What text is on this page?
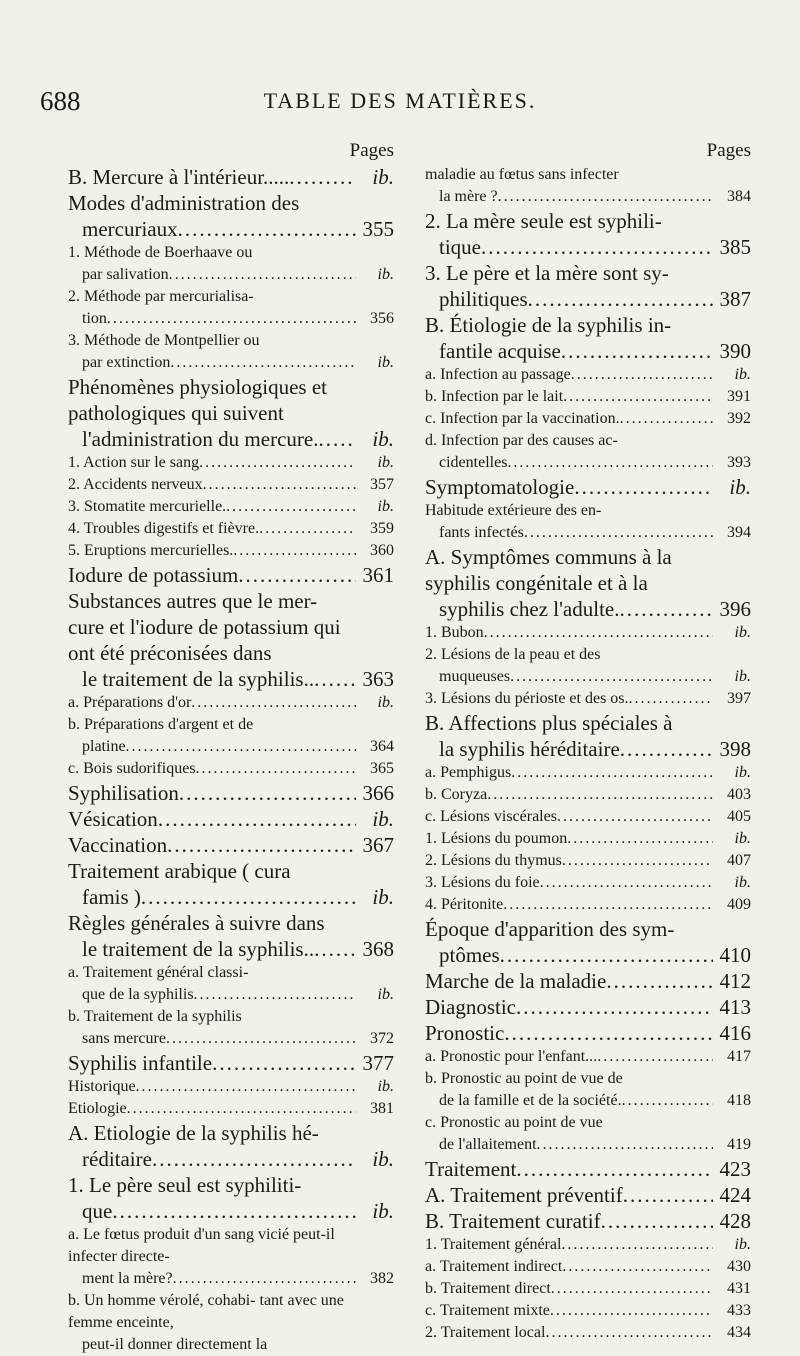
688	TABLE DES MATIÈRES.
Pages
B. Mercure à l'intérieur..... .....	ib.
Modes d'administration des
mercuriaux .....	355
1. Méthode de Boerhaave ou
par salivation .....	ib.
2. Méthode par mercurialisa-
tion .....	356
3. Méthode de Montpellier ou
par extinction .....	ib.
Phénomènes physiologiques et pathologiques qui suivent
l'administration du mercure. .....	ib.
1. Action sur le sang .....	ib.
2. Accidents nerveux .....	357
3. Stomatite mercurielle. .....	ib.
4. Troubles digestifs et fièvre. .....	359
5. Eruptions mercurielles. .....	360
Iodure de potassium .....	361
Substances autres que le mer- cure et l'iodure de potassium qui ont été préconisées dans
le traitement de la syphilis.. .....	363
a. Préparations d'or .....	ib.
b. Préparations d'argent et de
platine .....	364
c. Bois sudorifiques .....	365
Syphilisation .....	366
Vésication .....	ib.
Vaccination .....	367
Traitement arabique ( cura
famis ) .....	ib.
Règles générales à suivre dans
le traitement de la syphilis.. .....	368
a. Traitement général classi-
que de la syphilis .....	ib.
b. Traitement de la syphilis
sans mercure .....	372
Syphilis infantile .....	377
Historique .....	ib.
Etiologie .....	381
A. Etiologie de la syphilis hé-
réditaire .....	ib.
1. Le père seul est syphiliti-
que .....	ib.
a. Le fœtus produit d'un sang vicié peut-il infecter directe-
ment la mère? .....	382
b. Un homme vérolé, cohabi- tant avec une femme enceinte,
peut-il donner directement la
Pages
maladie au fœtus sans infecter
la mère ? .....	384
2. La mère seule est syphili-
tique .....	385
3. Le père et la mère sont sy-
philitiques .....	387
B. Étiologie de la syphilis in-
fantile acquise .....	390
a. Infection au passage .....	ib.
b. Infection par le lait .....	391
c. Infection par la vaccination. .....	392
d. Infection par des causes ac-
cidentelles .....	393
Symptomatologie .....	ib.
Habitude extérieure des en-
fants infectés .....	394
A. Symptômes communs à la syphilis congénitale et à la
syphilis chez l'adulte. .....	396
1. Bubon .....	ib.
2. Lésions de la peau et des
muqueuses .....	ib.
3. Lésions du périoste et des os. .....	397
B. Affections plus spéciales à
la syphilis héréditaire .....	398
a. Pemphigus .....	ib.
b. Coryza .....	403
c. Lésions viscérales .....	405
1. Lésions du poumon .....	ib.
2. Lésions du thymus .....	407
3. Lésions du foie .....	ib.
4. Péritonite .....	409
Époque d'apparition des sym-
ptômes .....	410
Marche de la maladie .....	412
Diagnostic .....	413
Pronostic .....	416
a. Pronostic pour l'enfant... .....	417
b. Pronostic au point de vue de
de la famille et de la société. .....	418
c. Pronostic au point de vue
de l'allaitement .....	419
Traitement .....	423
A. Traitement préventif .....	424
B. Traitement curatif .....	428
1. Traitement général .....	ib.
a. Traitement indirect .....	430
b. Traitement direct .....	431
c. Traitement mixte .....	433
2. Traitement local .....	434
